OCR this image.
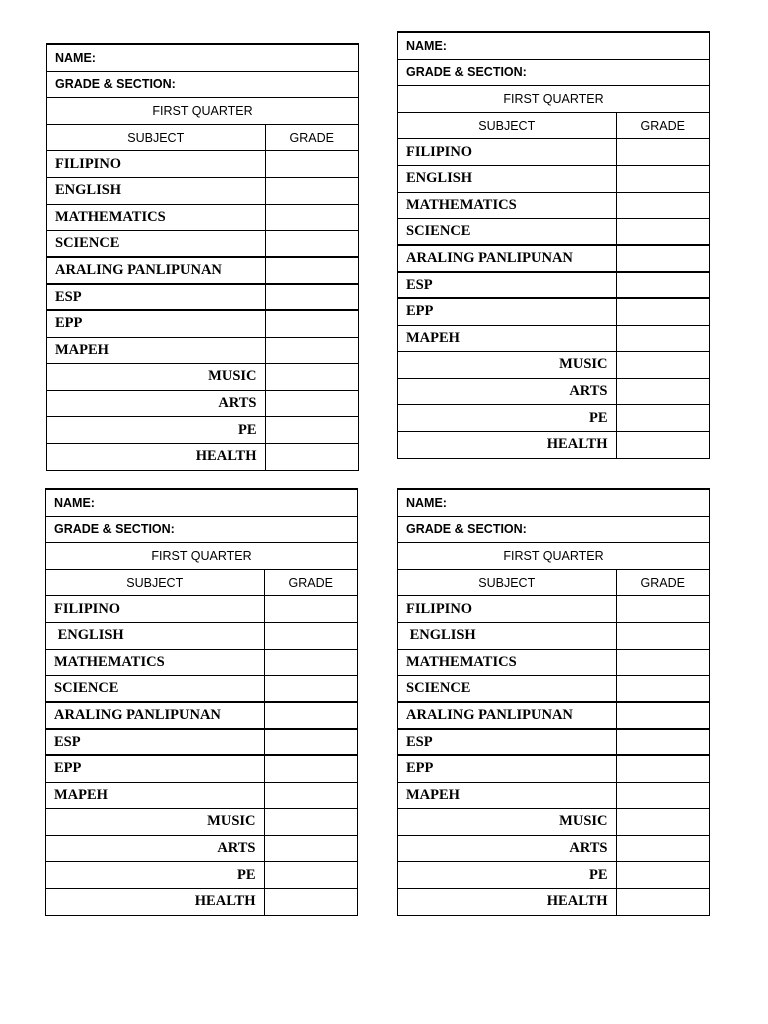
NAME:	
GRADE & SECTION:	
FIRST QUARTER	
SUBJECT	GRADE
FILIPINO	
ENGLISH	
MATHEMATICS	
SCIENCE	
ARALING PANLIPUNAN	
ESP	
EPP	
MAPEH	
MUSIC	
ARTS	
PE	
HEALTH	
NAME:	
GRADE & SECTION:	
FIRST QUARTER	
SUBJECT	GRADE
FILIPINO	
ENGLISH	
MATHEMATICS	
SCIENCE	
ARALING PANLIPUNAN	
ESP	
EPP	
MAPEH	
MUSIC	
ARTS	
PE	
HEALTH	
NAME:	
GRADE & SECTION:	
FIRST QUARTER	
SUBJECT	GRADE
FILIPINO	
ENGLISH	
MATHEMATICS	
SCIENCE	
ARALING PANLIPUNAN	
ESP	
EPP	
MAPEH	
MUSIC	
ARTS	
PE	
HEALTH	
NAME:	
GRADE & SECTION:	
FIRST QUARTER	
SUBJECT	GRADE
FILIPINO	
ENGLISH	
MATHEMATICS	
SCIENCE	
ARALING PANLIPUNAN	
ESP	
EPP	
MAPEH	
MUSIC	
ARTS	
PE	
HEALTH	
